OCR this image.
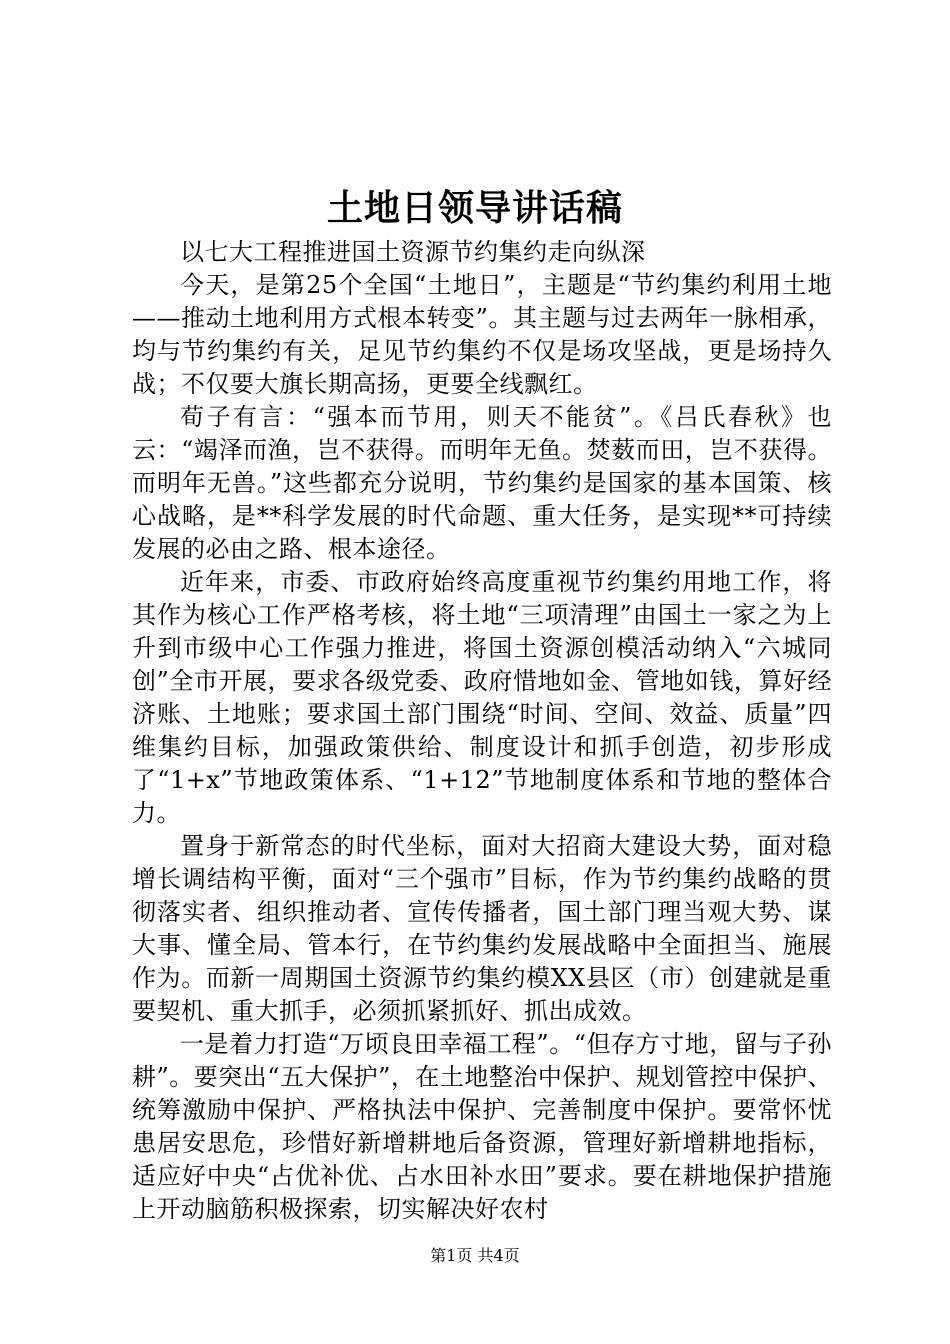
土地日领导讲话稿

以七大工程推进国土资源节约集约走向纵深

今天，是第25个全国“土地日”，主题是“节约集约利用土地——推动土地利用方式根本转变”。其主题与过去两年一脉相承，均与节约集约有关，足见节约集约不仅是场攻坚战，更是场持久战；不仅要大旗长期高扬，更要全线飘红。

荀子有言：“强本而节用，则天不能贫”。《吕氏春秋》也云：“竭泽而渔，岂不获得。而明年无鱼。焚薮而田，岂不获得。而明年无兽。”这些都充分说明，节约集约是国家的基本国策、核心战略，是**科学发展的时代命题、重大任务，是实现**可持续发展的必由之路、根本途径。

近年来，市委、市政府始终高度重视节约集约用地工作，将其作为核心工作严格考核，将土地“三项清理”由国土一家之为上升到市级中心工作强力推进，将国土资源创模活动纳入“六城同创”全市开展，要求各级党委、政府惜地如金、管地如钱，算好经济账、土地账；要求国土部门围绕“时间、空间、效益、质量”四维集约目标，加强政策供给、制度设计和抓手创造，初步形成了“1+x”节地政策体系、“1+12”节地制度体系和节地的整体合力。

置身于新常态的时代坐标，面对大招商大建设大势，面对稳增长调结构平衡，面对“三个强市”目标，作为节约集约战略的贯彻落实者、组织推动者、宣传传播者，国土部门理当观大势、谋大事、懂全局、管本行，在节约集约发展战略中全面担当、施展作为。而新一周期国土资源节约集约模XX县区（市）创建就是重要契机、重大抓手，必须抓紧抓好、抓出成效。

一是着力打造“万顷良田幸福工程”。“但存方寸地，留与子孙耕”。要突出“五大保护”，在土地整治中保护、规划管控中保护、统筹激励中保护、严格执法中保护、完善制度中保护。要常怀忧患居安思危，珍惜好新增耕地后备资源，管理好新增耕地指标，适应好中央“占优补优、占水田补水田”要求。要在耕地保护措施上开动脑筋积极探索，切实解决好农村

第1页 共4页
